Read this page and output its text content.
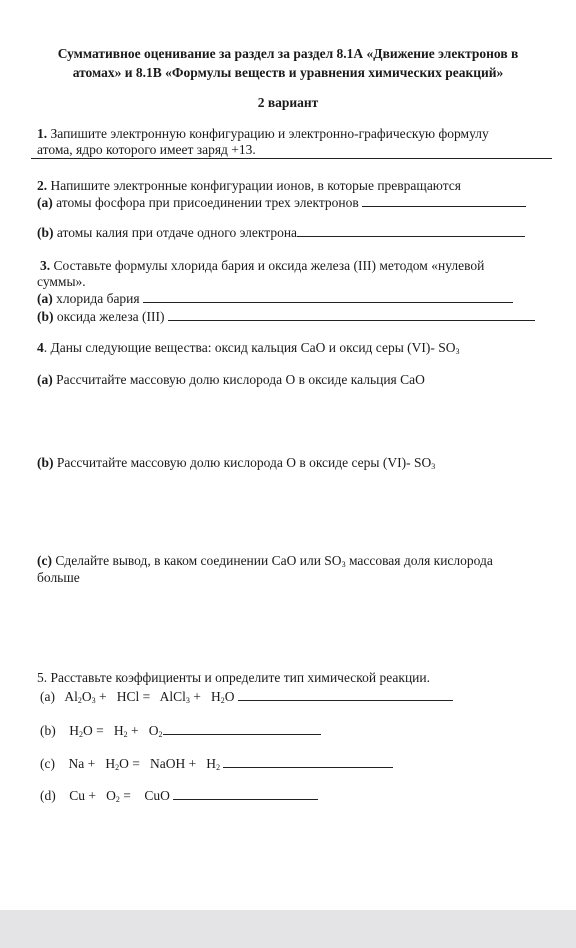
Суммативное оценивание за раздел за раздел 8.1А «Движение электронов в
атомах» и 8.1В «Формулы веществ и уравнения химических реакций»
2 вариант
1. Запишите электронную конфигурацию и электронно-графическую формулу
атома, ядро которого имеет заряд +13.
2. Напишите электронные конфигурации ионов, в которые превращаются
(a) атомы фосфора при присоединении трех электронов
(b) атомы калия при отдаче одного электрона
3. Составьте формулы хлорида бария и оксида железа (III) методом «нулевой
суммы».
(a) хлорида бария
(b) оксида железа (III)
4. Даны следующие вещества: оксид кальция CaO и оксид серы (VI)- $SO_3$
(a) Рассчитайте массовую долю кислорода O в оксиде кальция CaO
(b) Рассчитайте массовую долю кислорода O в оксиде серы (VI)- $SO_3$
(c) Сделайте вывод, в каком соединении CaO или $SO_3$ массовая доля кислорода
больше
5. Расставьте коэффициенты и определите тип химической реакции.
(a) $Al_2O_3$ +   HCl =   AlCl$_3$ +   $H_2O$
(b) $H_2O = H_2 + O_2$
(c) $Na + H_2O$ =   NaOH +   $H_2$
(d) $Cu + O_2$ =    CuO
